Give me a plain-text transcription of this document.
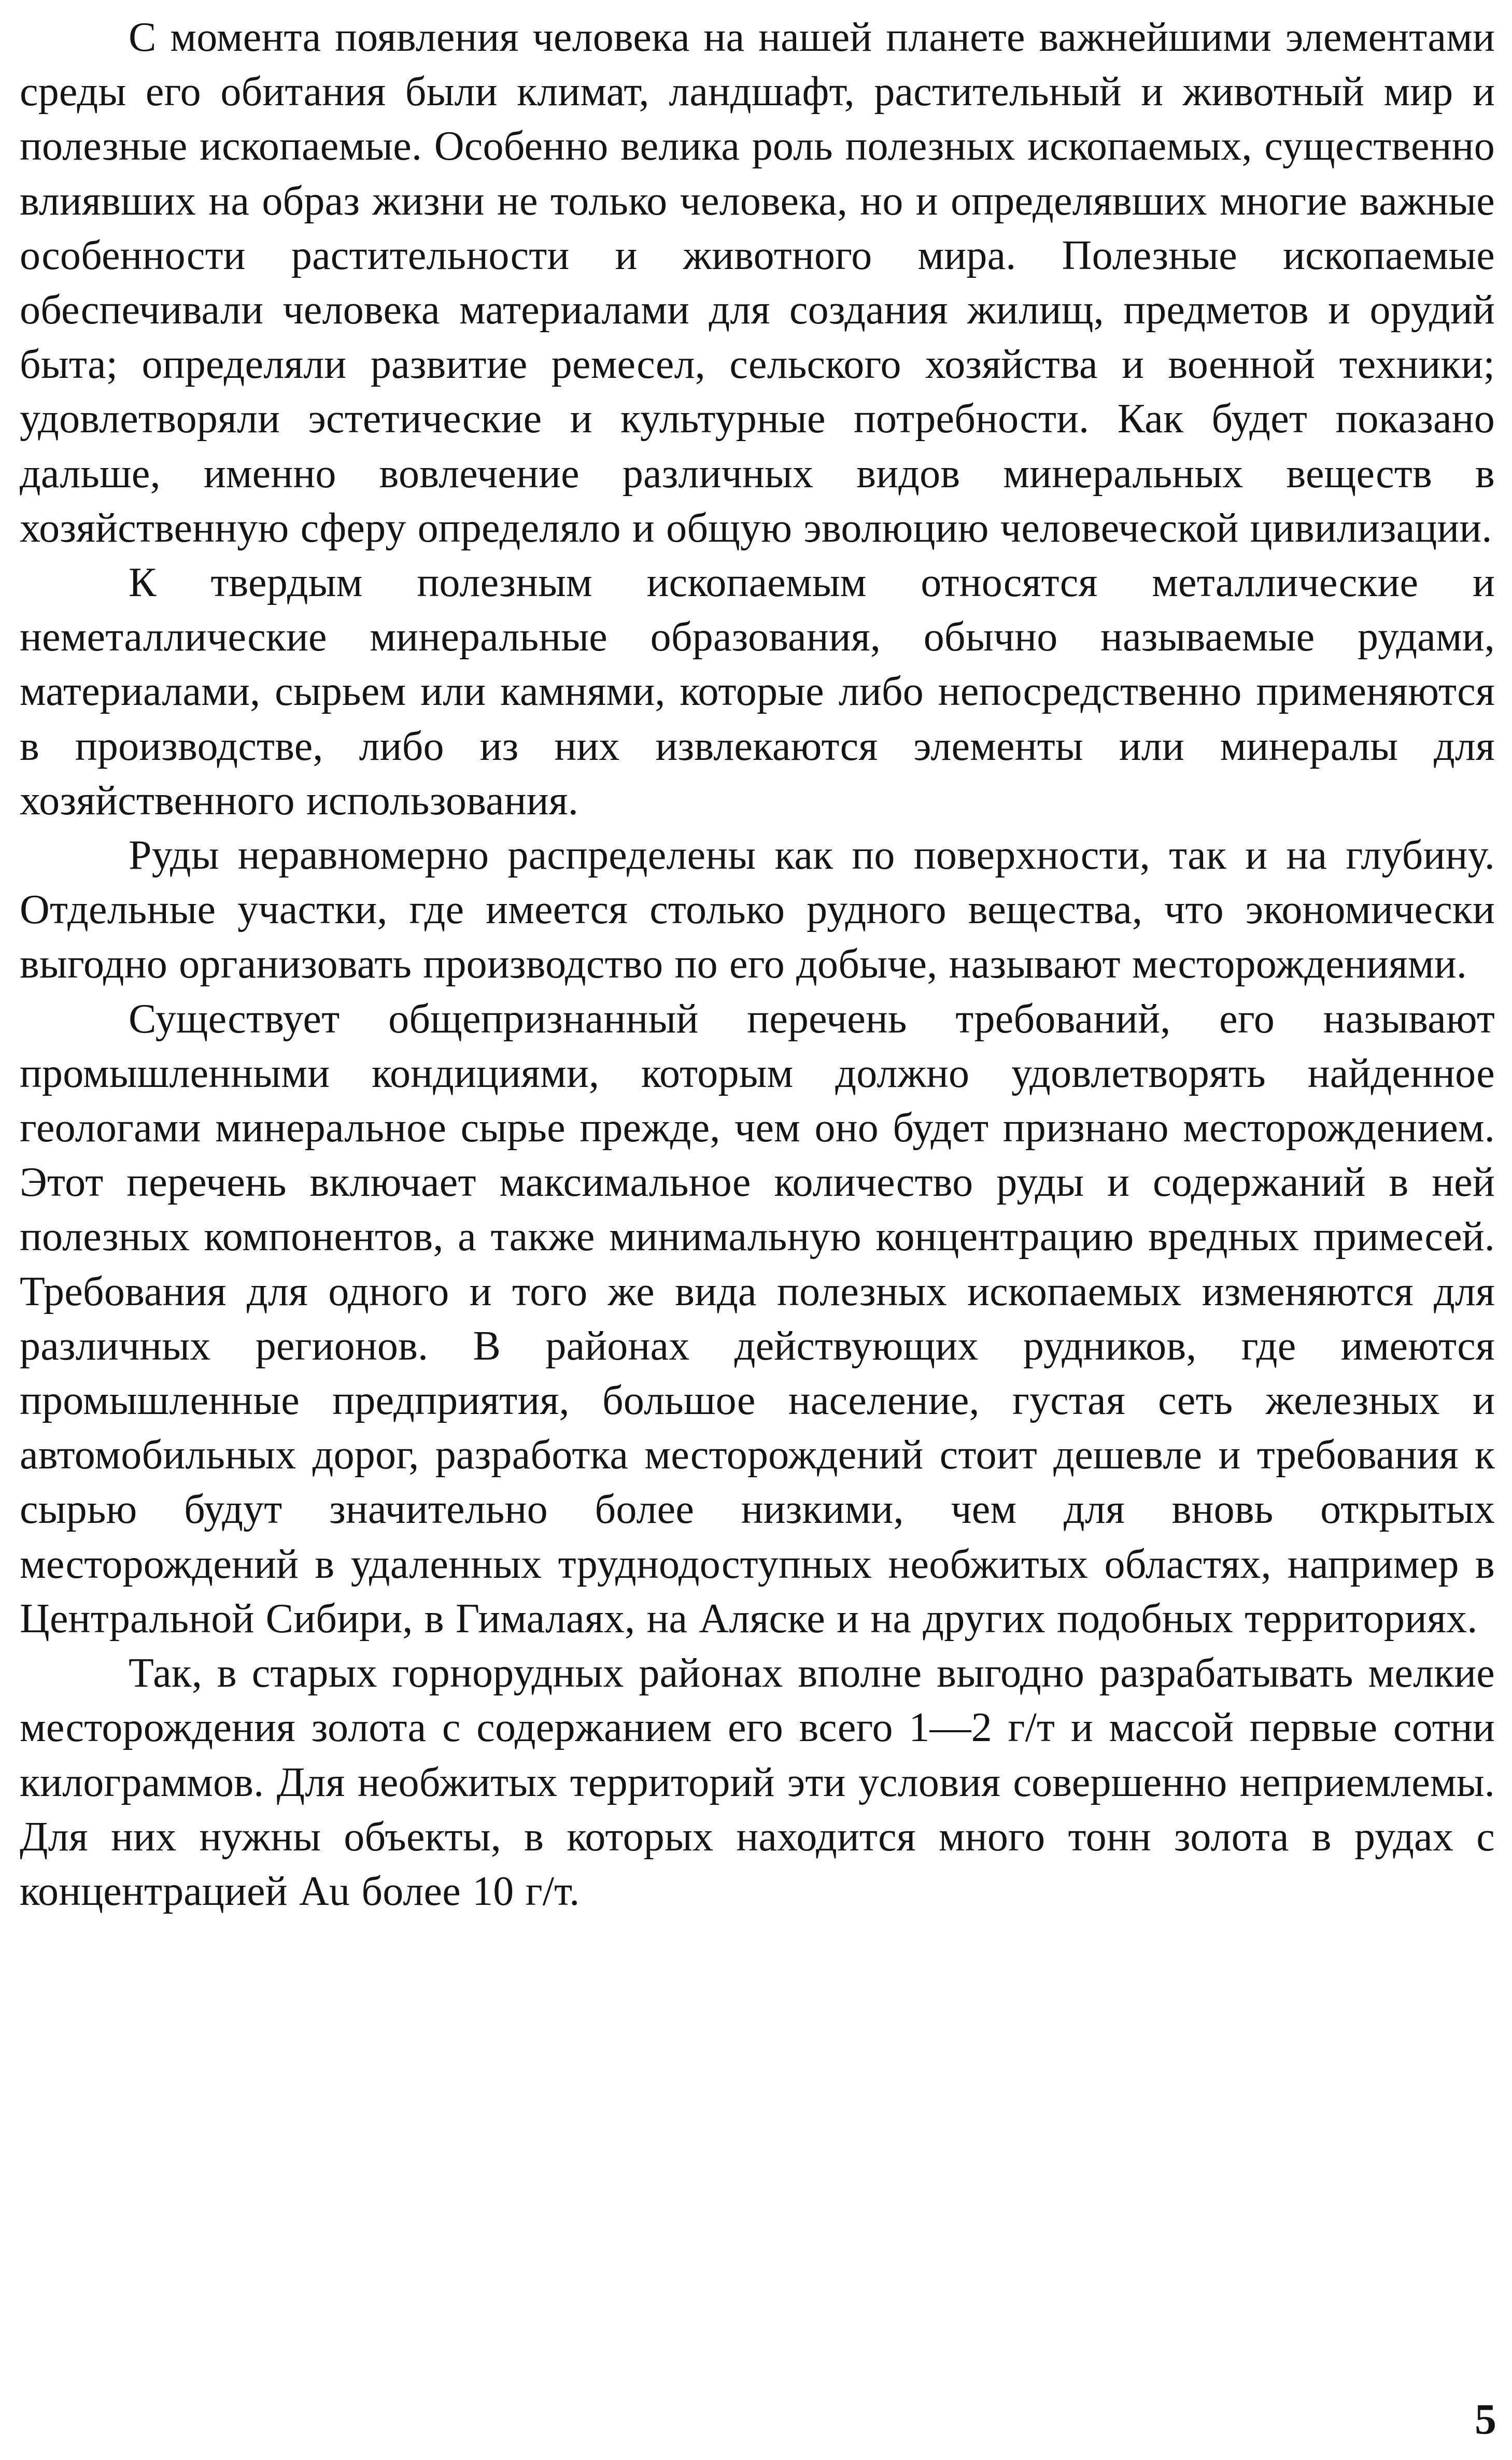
С момента появления человека на нашей планете важнейшими элементами среды его обитания были климат, ландшафт, растительный и животный мир и полезные ископаемые. Особенно велика роль полезных ископаемых, существенно влиявших на образ жизни не только человека, но и определявших многие важные особенности растительности и животного мира. Полезные ископаемые обеспечивали человека материалами для создания жилищ, предметов и орудий быта; определяли развитие ремесел, сельского хозяйства и военной техники; удовлетворяли эстетические и культурные потребности. Как будет показано дальше, именно вовлечение различных видов минеральных веществ в хозяйственную сферу определяло и общую эволюцию человеческой цивилизации.

К твердым полезным ископаемым относятся металлические и неметаллические минеральные образования, обычно называемые рудами, материалами, сырьем или камнями, которые либо непосредственно применяются в производстве, либо из них извлекаются элементы или минералы для хозяйственного использования.

Руды неравномерно распределены как по поверхности, так и на глубину. Отдельные участки, где имеется столько рудного вещества, что экономически выгодно организовать производство по его добыче, называют месторождениями.

Существует общепризнанный перечень требований, его называют промышленными кондициями, которым должно удовлетворять найденное геологами минеральное сырье прежде, чем оно будет признано месторождением. Этот перечень включает максимальное количество руды и содержаний в ней полезных компонентов, а также минимальную концентрацию вредных примесей. Требования для одного и того же вида полезных ископаемых изменяются для различных регионов. В районах действующих рудников, где имеются промышленные предприятия, большое население, густая сеть железных и автомобильных дорог, разработка месторождений стоит дешевле и требования к сырью будут значительно более низкими, чем для вновь открытых месторождений в удаленных труднодоступных необжитых областях, например в Центральной Сибири, в Гималаях, на Аляске и на других подобных территориях.

Так, в старых горнорудных районах вполне выгодно разрабатывать мелкие месторождения золота с содержанием его всего 1—2 г/т и массой первые сотни килограммов. Для необжитых территорий эти условия совершенно неприемлемы. Для них нужны объекты, в которых находится много тонн золота в рудах с концентрацией Au более 10 г/т.

5
